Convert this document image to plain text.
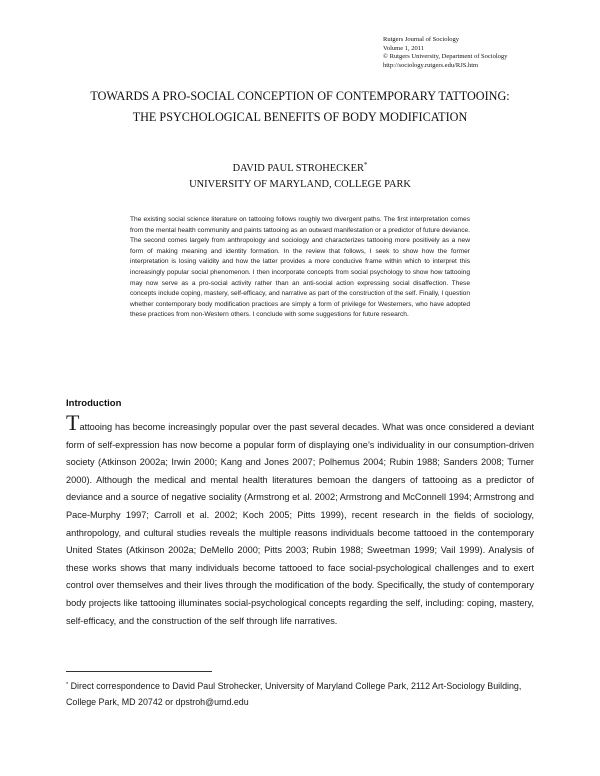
Rutgers Journal of Sociology
Volume 1, 2011
© Rutgers University, Department of Sociology
http://sociology.rutgers.edu/RJS.htm
TOWARDS A PRO-SOCIAL CONCEPTION OF CONTEMPORARY TATTOOING: THE PSYCHOLOGICAL BENEFITS OF BODY MODIFICATION
DAVID PAUL STROHECKER*
UNIVERSITY OF MARYLAND, COLLEGE PARK
The existing social science literature on tattooing follows roughly two divergent paths. The first interpretation comes from the mental health community and paints tattooing as an outward manifestation or a predictor of future deviance. The second comes largely from anthropology and sociology and characterizes tattooing more positively as a new form of making meaning and identity formation. In the review that follows, I seek to show how the former interpretation is losing validity and how the latter provides a more conducive frame within which to interpret this increasingly popular social phenomenon. I then incorporate concepts from social psychology to show how tattooing may now serve as a pro-social activity rather than an anti-social action expressing social disaffection. These concepts include coping, mastery, self-efficacy, and narrative as part of the construction of the self. Finally, I question whether contemporary body modification practices are simply a form of privilege for Westerners, who have adopted these practices from non-Western others. I conclude with some suggestions for future research.
Introduction
Tattooing has become increasingly popular over the past several decades. What was once considered a deviant form of self-expression has now become a popular form of displaying one’s individuality in our consumption-driven society (Atkinson 2002a; Irwin 2000; Kang and Jones 2007; Polhemus 2004; Rubin 1988; Sanders 2008; Turner 2000). Although the medical and mental health literatures bemoan the dangers of tattooing as a predictor of deviance and a source of negative sociality (Armstrong et al. 2002; Armstrong and McConnell 1994; Armstrong and Pace-Murphy 1997; Carroll et al. 2002; Koch 2005; Pitts 1999), recent research in the fields of sociology, anthropology, and cultural studies reveals the multiple reasons individuals become tattooed in the contemporary United States (Atkinson 2002a; DeMello 2000; Pitts 2003; Rubin 1988; Sweetman 1999; Vail 1999). Analysis of these works shows that many individuals become tattooed to face social-psychological challenges and to exert control over themselves and their lives through the modification of the body. Specifically, the study of contemporary body projects like tattooing illuminates social-psychological concepts regarding the self, including: coping, mastery, self-efficacy, and the construction of the self through life narratives.
* Direct correspondence to David Paul Strohecker, University of Maryland College Park, 2112 Art-Sociology Building, College Park, MD 20742 or dpstroh@umd.edu
